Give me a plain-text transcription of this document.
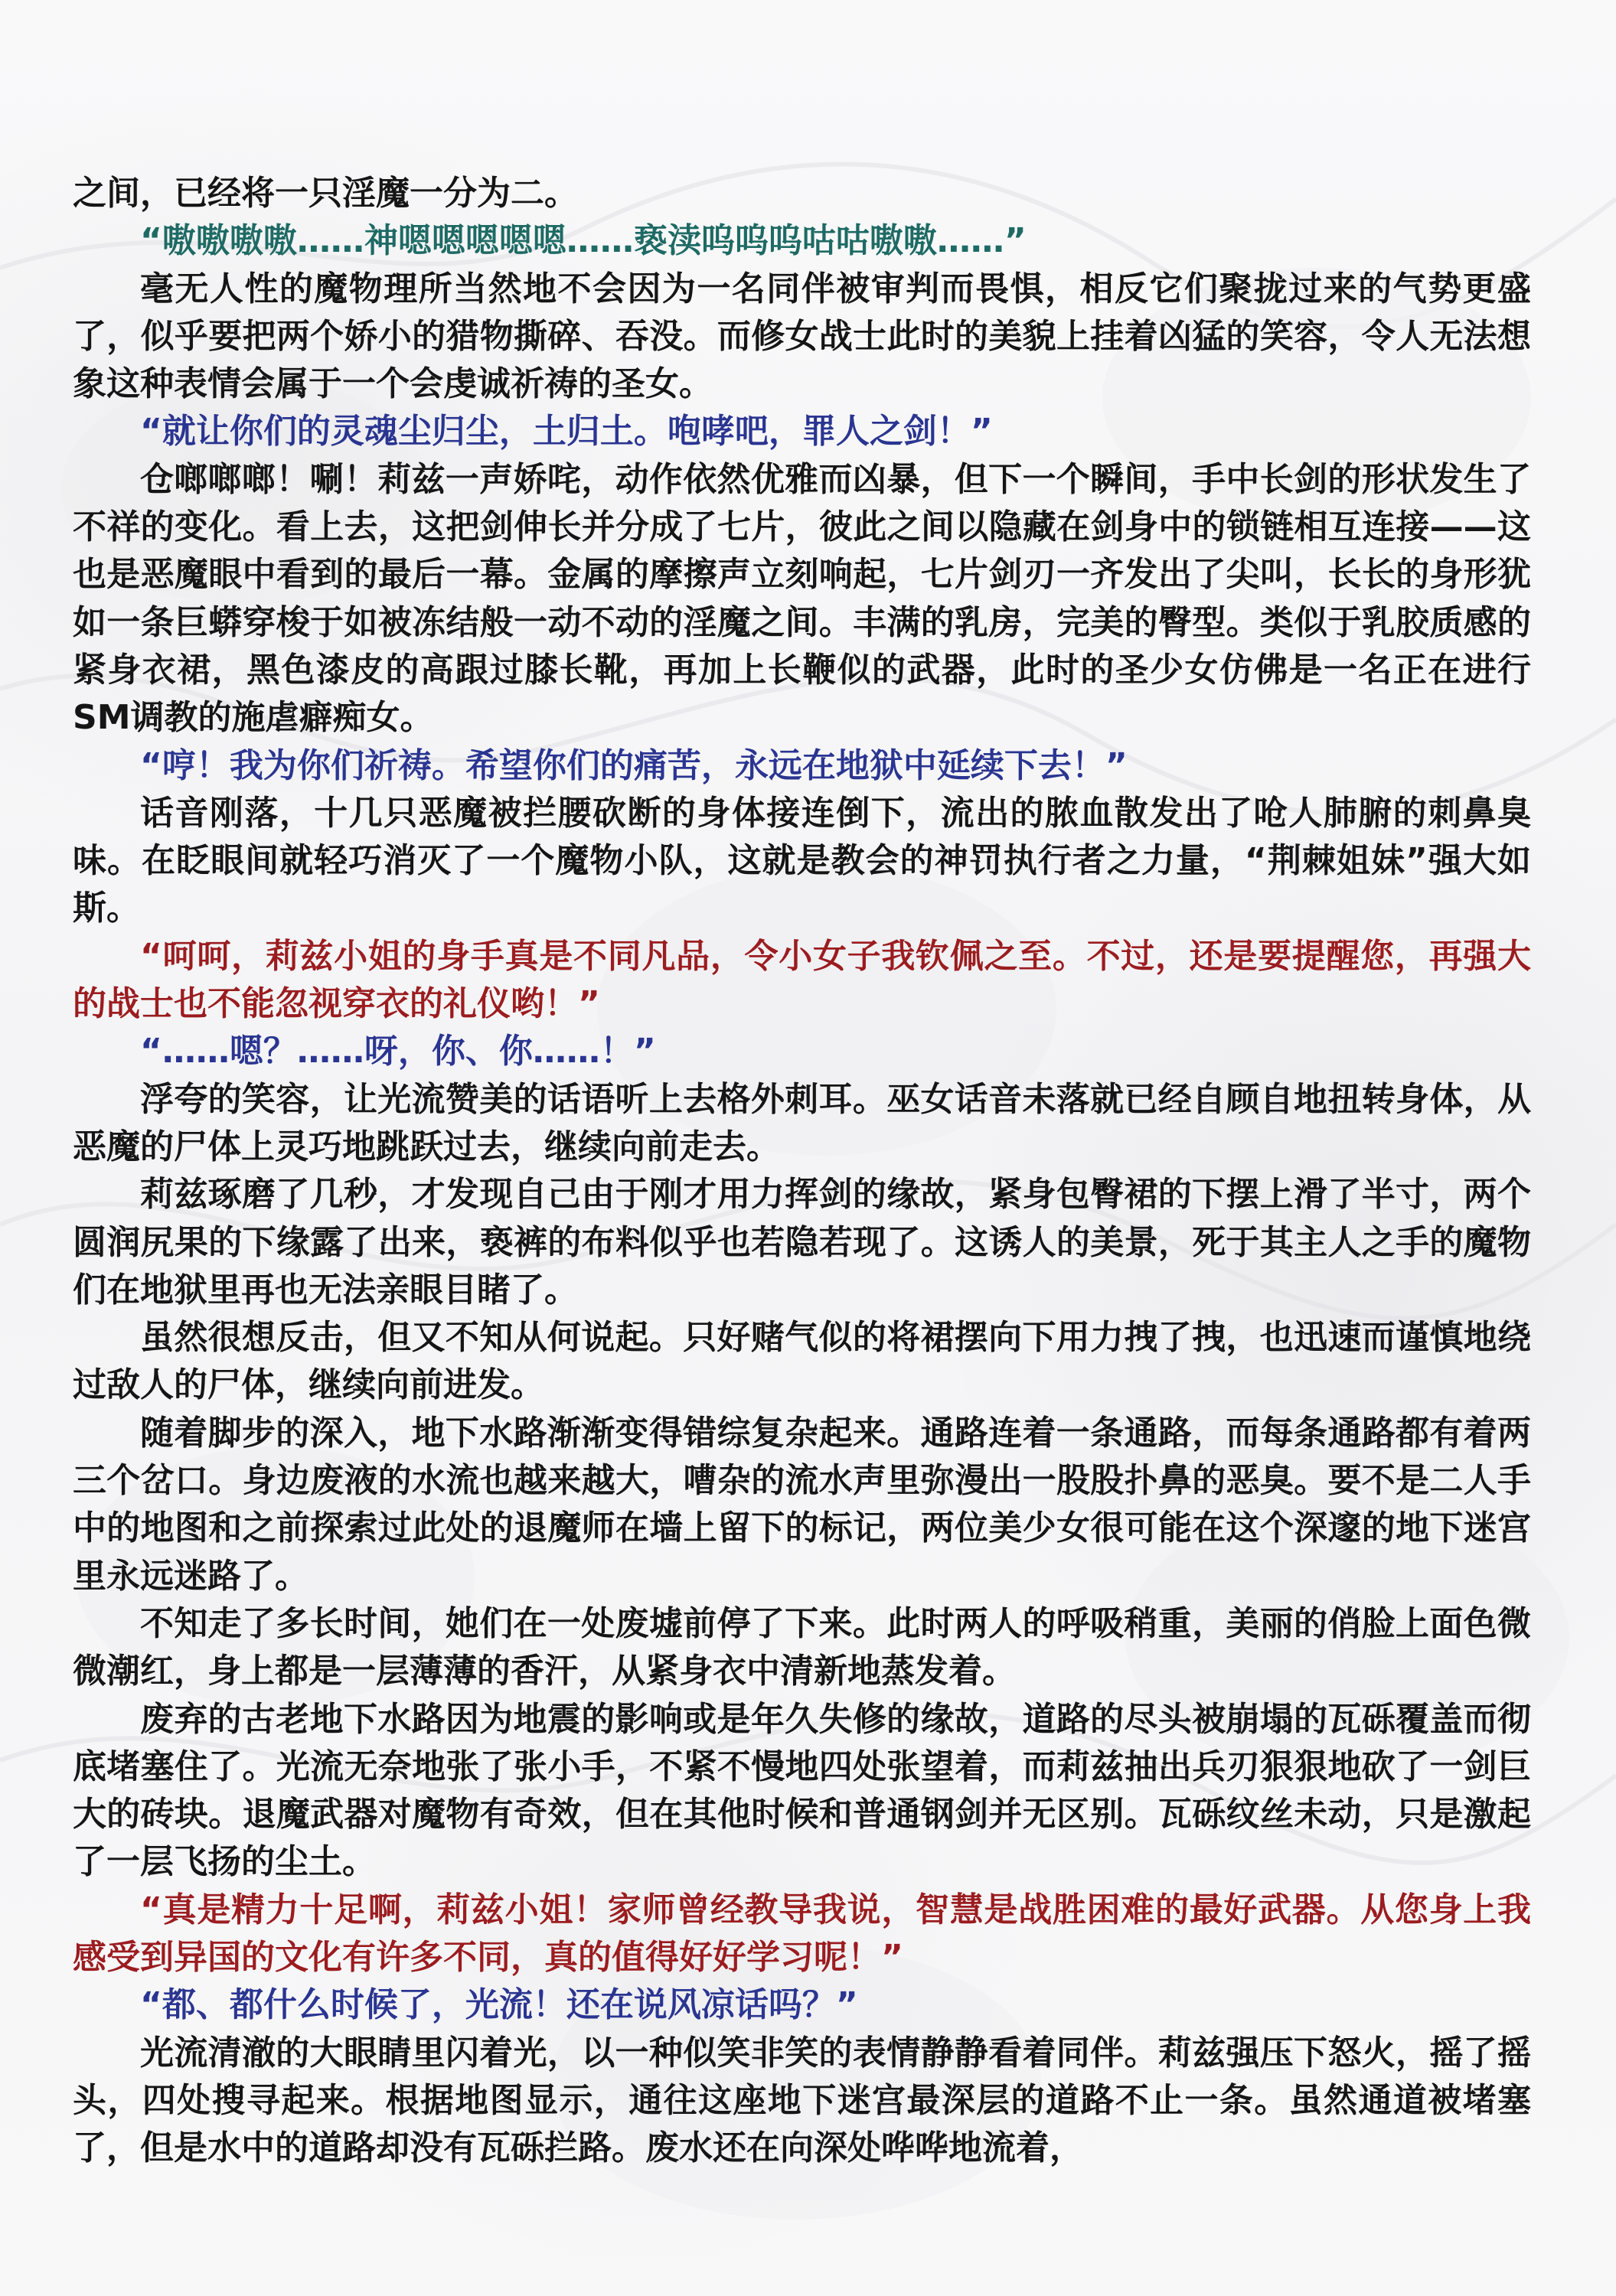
之间，已经将一只淫魔一分为二。

“嗷嗷嗷嗷……神嗯嗯嗯嗯嗯……亵渎呜呜呜咕咕嗷嗷……”

毫无人性的魔物理所当然地不会因为一名同伴被审判而畏惧，相反它们聚拢过来的气势更盛了，似乎要把两个娇小的猎物撕碎、吞没。而修女战士此时的美貌上挂着凶猛的笑容，令人无法想象这种表情会属于一个会虔诚祈祷的圣女。

“就让你们的灵魂尘归尘，土归土。咆哮吧，罪人之剑！”

仓啷啷啷！唰！莉兹一声娇咤，动作依然优雅而凶暴，但下一个瞬间，手中长剑的形状发生了不祥的变化。看上去，这把剑伸长并分成了七片，彼此之间以隐藏在剑身中的锁链相互连接——这也是恶魔眼中看到的最后一幕。金属的摩擦声立刻响起，七片剑刃一齐发出了尖叫，长长的身形犹如一条巨蟒穿梭于如被冻结般一动不动的淫魔之间。丰满的乳房，完美的臀型。类似于乳胶质感的紧身衣裙，黑色漆皮的高跟过膝长靴，再加上长鞭似的武器，此时的圣少女仿佛是一名正在进行SM调教的施虐癖痴女。

“哼！我为你们祈祷。希望你们的痛苦，永远在地狱中延续下去！”

话音刚落，十几只恶魔被拦腰砍断的身体接连倒下，流出的脓血散发出了呛人肺腑的刺鼻臭味。在眨眼间就轻巧消灭了一个魔物小队，这就是教会的神罚执行者之力量，“荆棘姐妹”强大如斯。

“呵呵，莉兹小姐的身手真是不同凡品，令小女子我钦佩之至。不过，还是要提醒您，再强大的战士也不能忽视穿衣的礼仪哟！”

“……嗯？……呀，你、你……！”

浮夸的笑容，让光流赞美的话语听上去格外刺耳。巫女话音未落就已经自顾自地扭转身体，从恶魔的尸体上灵巧地跳跃过去，继续向前走去。

莉兹琢磨了几秒，才发现自己由于刚才用力挥剑的缘故，紧身包臀裙的下摆上滑了半寸，两个圆润尻果的下缘露了出来，亵裤的布料似乎也若隐若现了。这诱人的美景，死于其主人之手的魔物们在地狱里再也无法亲眼目睹了。

虽然很想反击，但又不知从何说起。只好赌气似的将裙摆向下用力拽了拽，也迅速而谨慎地绕过敌人的尸体，继续向前进发。

随着脚步的深入，地下水路渐渐变得错综复杂起来。通路连着一条通路，而每条通路都有着两三个岔口。身边废液的水流也越来越大，嘈杂的流水声里弥漫出一股股扑鼻的恶臭。要不是二人手中的地图和之前探索过此处的退魔师在墙上留下的标记，两位美少女很可能在这个深邃的地下迷宫里永远迷路了。

不知走了多长时间，她们在一处废墟前停了下来。此时两人的呼吸稍重，美丽的俏脸上面色微微潮红，身上都是一层薄薄的香汗，从紧身衣中清新地蒸发着。

废弃的古老地下水路因为地震的影响或是年久失修的缘故，道路的尽头被崩塌的瓦砾覆盖而彻底堵塞住了。光流无奈地张了张小手，不紧不慢地四处张望着，而莉兹抽出兵刃狠狠地砍了一剑巨大的砖块。退魔武器对魔物有奇效，但在其他时候和普通钢剑并无区别。瓦砾纹丝未动，只是激起了一层飞扬的尘土。

“真是精力十足啊，莉兹小姐！家师曾经教导我说，智慧是战胜困难的最好武器。从您身上我感受到异国的文化有许多不同，真的值得好好学习呢！”

“都、都什么时候了，光流！还在说风凉话吗？”

光流清澈的大眼睛里闪着光，以一种似笑非笑的表情静静看着同伴。莉兹强压下怒火，摇了摇头，四处搜寻起来。根据地图显示，通往这座地下迷宫最深层的道路不止一条。虽然通道被堵塞了，但是水中的道路却没有瓦砾拦路。废水还在向深处哗哗地流着，
